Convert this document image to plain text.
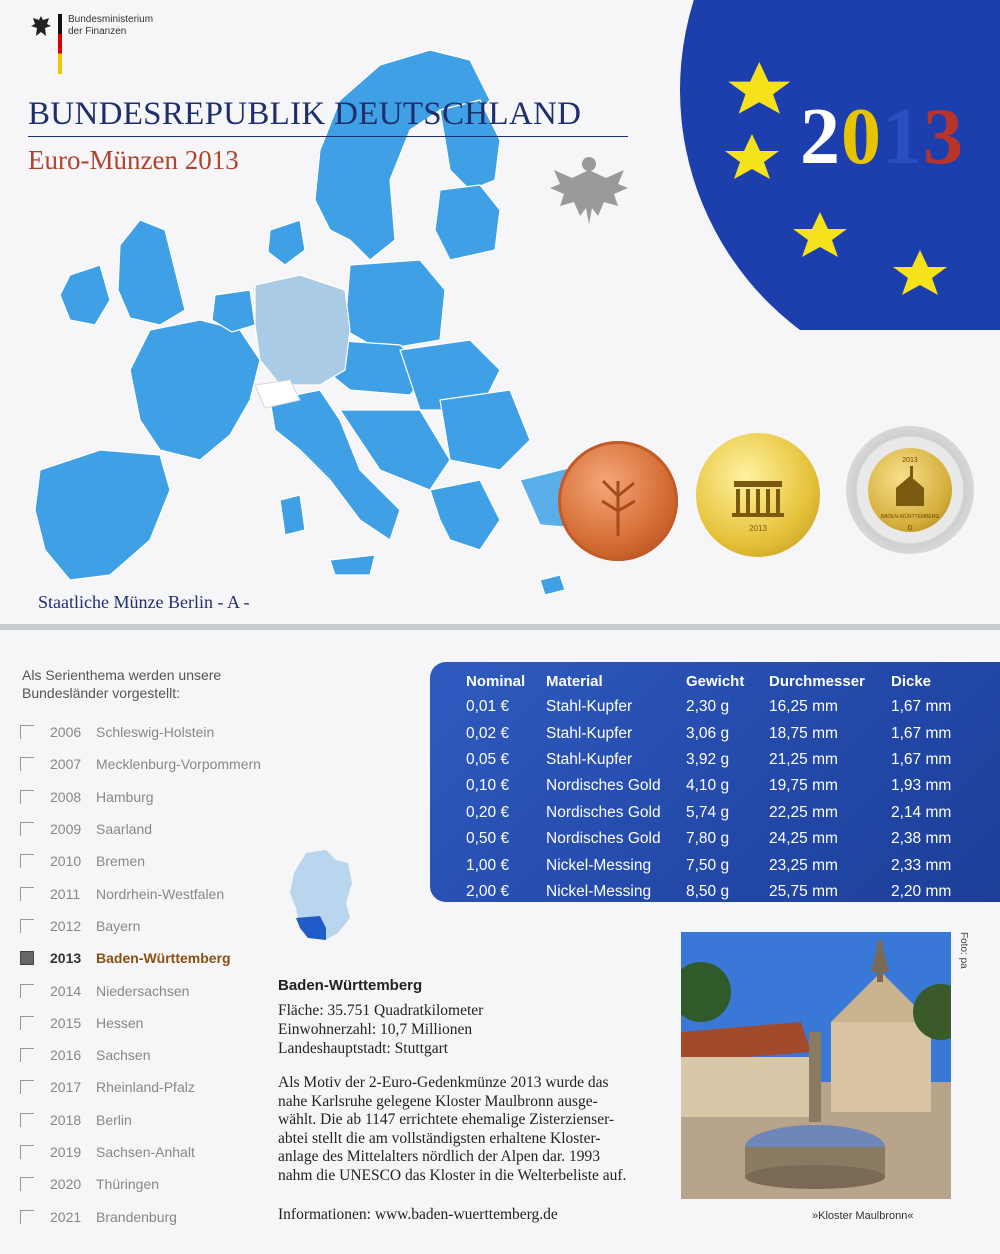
2013
Bundesministerium
der Finanzen
BUNDESREPUBLIK DEUTSCHLAND
Euro-Münzen 2013
2013
2013
BADEN-WÜRTTEMBERG
D
Staatliche Münze Berlin - A -
Als Serienthema werden unsere Bundesländer vorgestellt:
2006	Schleswig-Holstein
2007	Mecklenburg-Vorpommern
2008	Hamburg
2009	Saarland
2010	Bremen
2011	Nordrhein-Westfalen
2012	Bayern
2013	Baden-Württemberg
2014	Niedersachsen
2015	Hessen
2016	Sachsen
2017	Rheinland-Pfalz
2018	Berlin
2019	Sachsen-Anhalt
2020	Thüringen
2021	Brandenburg
Nominal	Material	Gewicht	Durchmesser	Dicke
0,01 €	Stahl-Kupfer	2,30 g	16,25 mm	1,67 mm
0,02 €	Stahl-Kupfer	3,06 g	18,75 mm	1,67 mm
0,05 €	Stahl-Kupfer	3,92 g	21,25 mm	1,67 mm
0,10 €	Nordisches Gold	4,10 g	19,75 mm	1,93 mm
0,20 €	Nordisches Gold	5,74 g	22,25 mm	2,14 mm
0,50 €	Nordisches Gold	7,80 g	24,25 mm	2,38 mm
1,00 €	Nickel-Messing	7,50 g	23,25 mm	2,33 mm
2,00 €	Nickel-Messing	8,50 g	25,75 mm	2,20 mm
Baden-Württemberg
Fläche: 35.751 Quadratkilometer
Einwohnerzahl: 10,7 Millionen
Landeshauptstadt: Stuttgart
Als Motiv der 2-Euro-Gedenkmünze 2013 wurde das
nahe Karlsruhe gelegene Kloster Maulbronn ausge-
wählt. Die ab 1147 errichtete ehemalige Zisterzienser-
abtei stellt die am vollständigsten erhaltene Kloster-
anlage des Mittelalters nördlich der Alpen dar. 1993
nahm die UNESCO das Kloster in die Welterbeliste auf.
Informationen: www.baden-wuerttemberg.de
Foto: pa
»Kloster Maulbronn«
